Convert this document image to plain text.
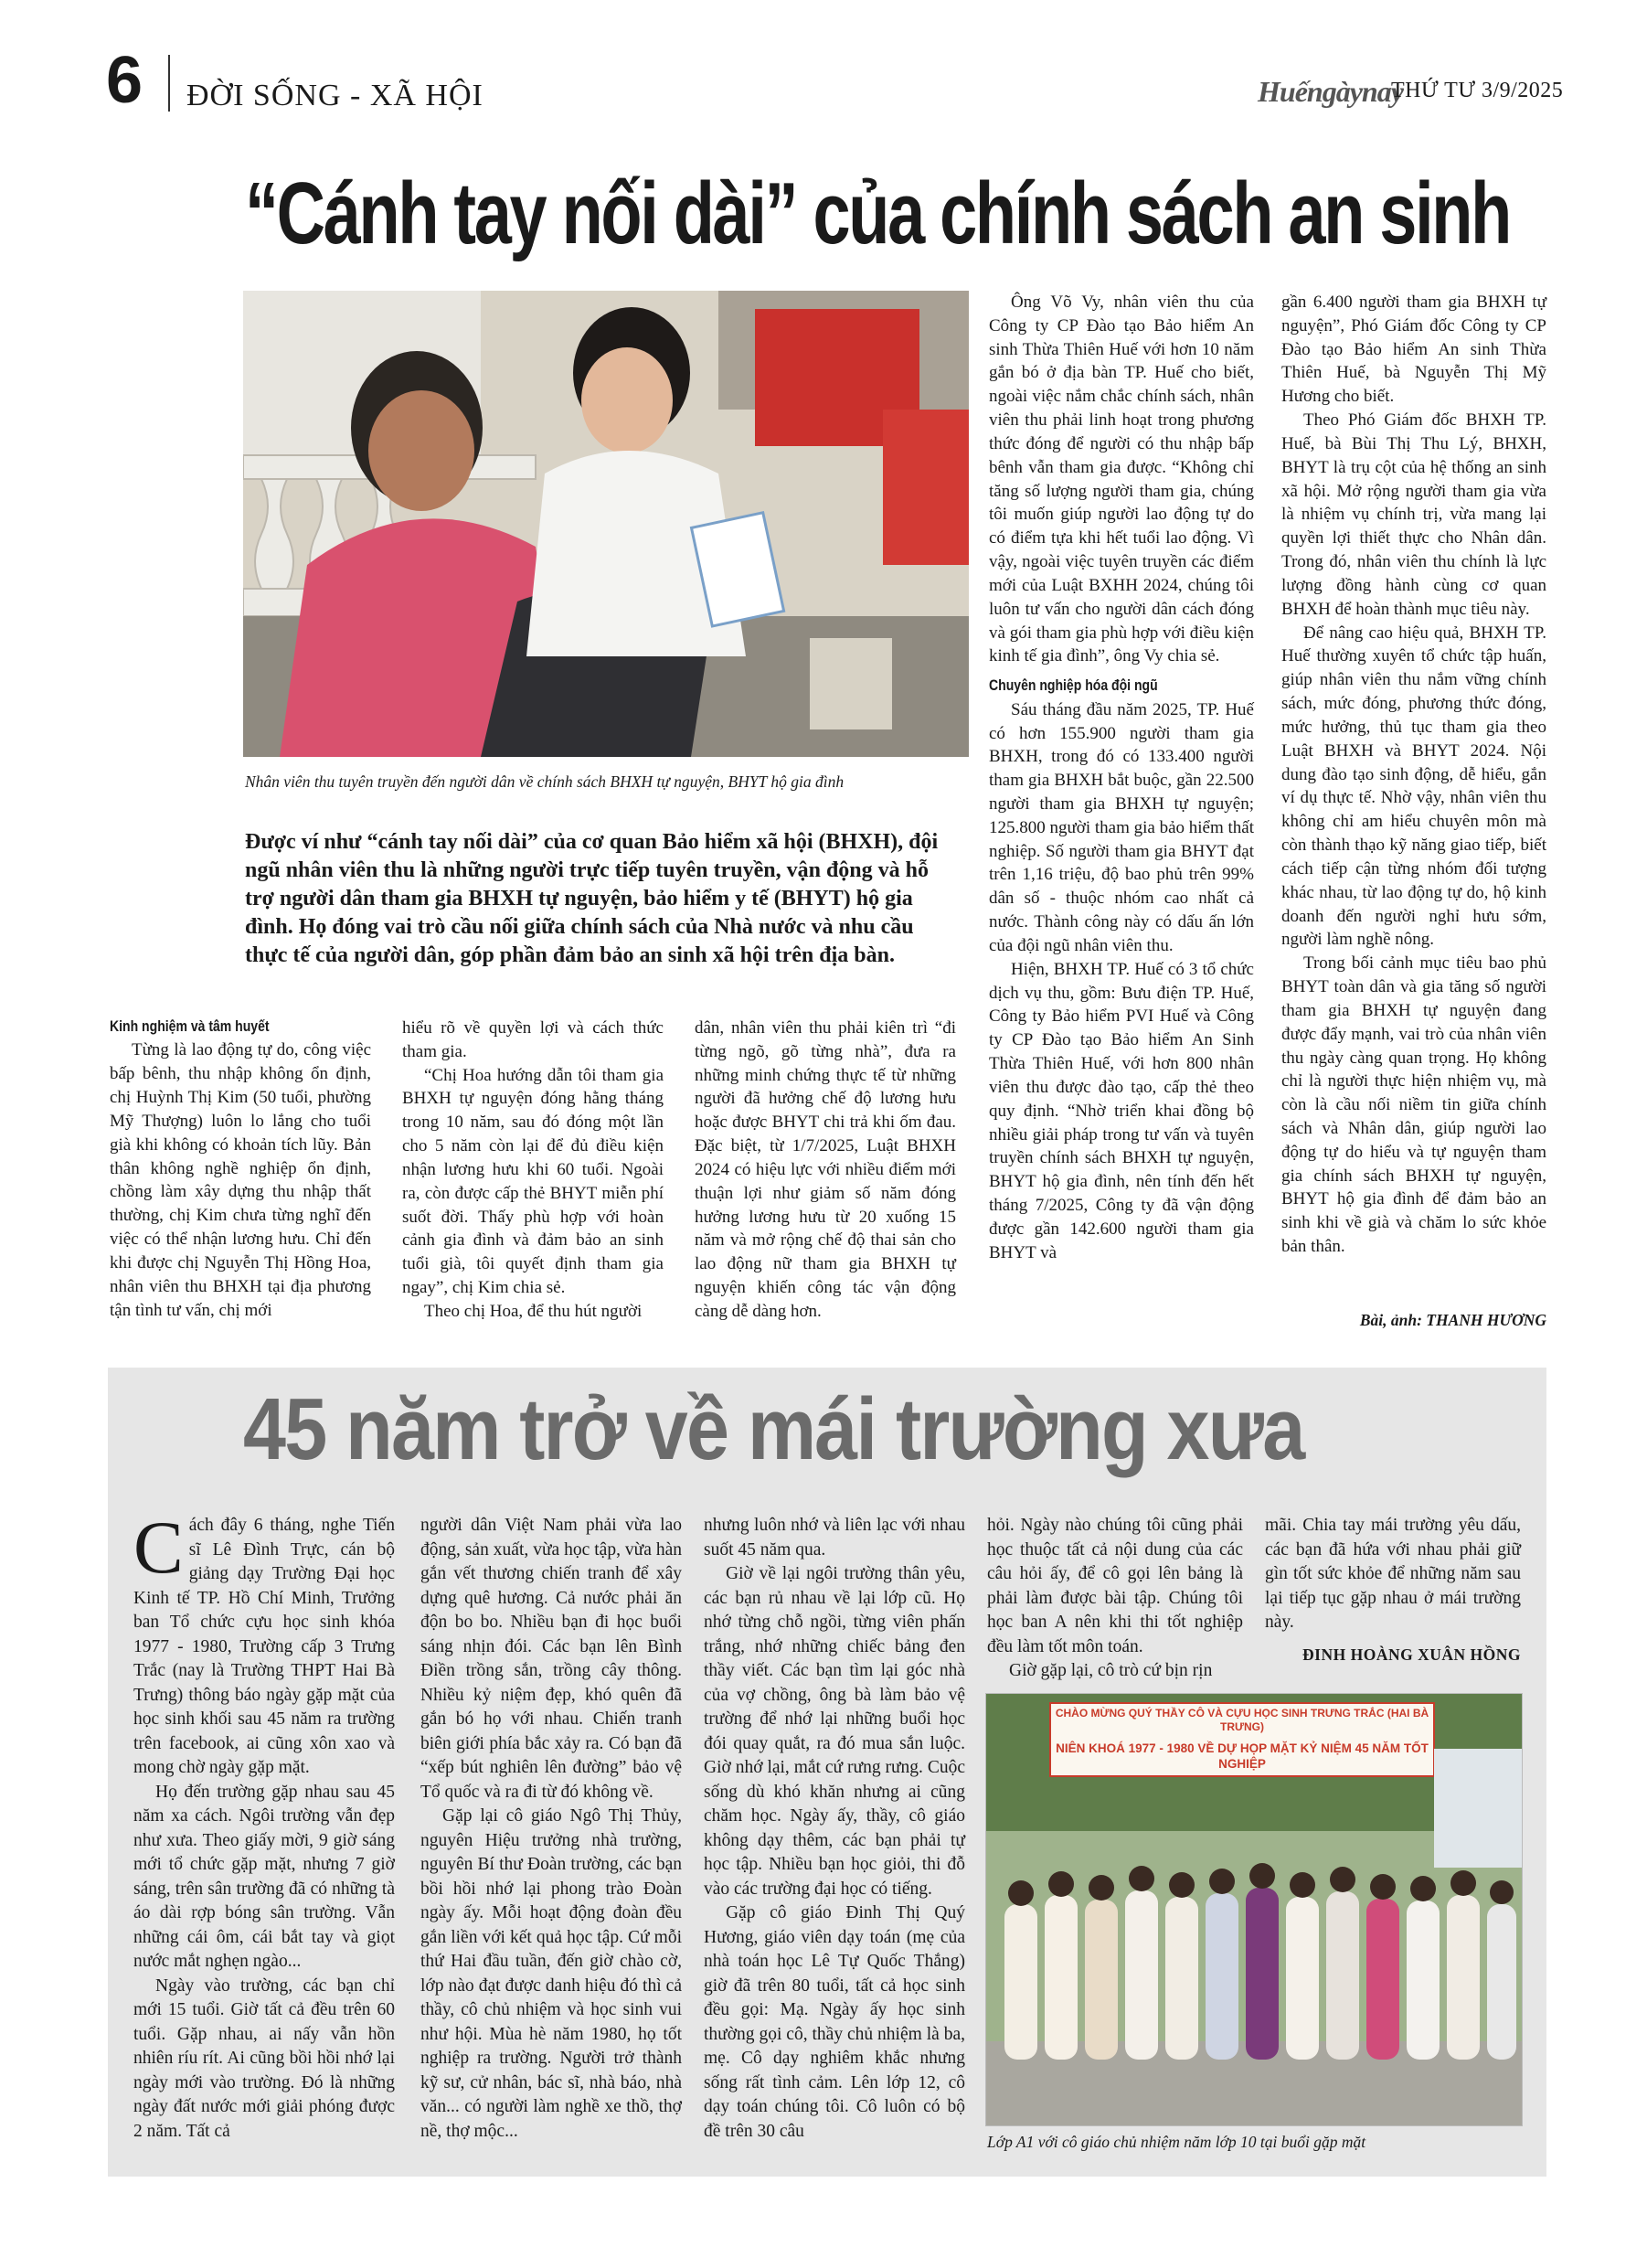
6 ĐỜI SỐNG - XÃ HỘI	Huếngàynay
THỨ TƯ 3/9/2025
“Cánh tay nối dài” của chính sách an sinh
Nhân viên thu tuyên truyền đến người dân về chính sách BHXH tự nguyện, BHYT hộ gia đình
Được ví như “cánh tay nối dài” của cơ quan Bảo hiểm xã hội (BHXH), đội ngũ nhân viên thu là những người trực tiếp tuyên truyền, vận động và hỗ trợ người dân tham gia BHXH tự nguyện, bảo hiểm y tế (BHYT) hộ gia đình. Họ đóng vai trò cầu nối giữa chính sách của Nhà nước và nhu cầu thực tế của người dân, góp phần đảm bảo an sinh xã hội trên địa bàn.
Kinh nghiệm và tâm huyết

Từng là lao động tự do, công việc bấp bênh, thu nhập không ổn định, chị Huỳnh Thị Kim (50 tuổi, phường Mỹ Thượng) luôn lo lắng cho tuổi già khi không có khoản tích lũy. Bản thân không nghề nghiệp ổn định, chồng làm xây dựng thu nhập thất thường, chị Kim chưa từng nghĩ đến việc có thể nhận lương hưu. Chỉ đến khi được chị Nguyễn Thị Hồng Hoa, nhân viên thu BHXH tại địa phương tận tình tư vấn, chị mới

hiểu rõ về quyền lợi và cách thức tham gia.

“Chị Hoa hướng dẫn tôi tham gia BHXH tự nguyện đóng hằng tháng trong 10 năm, sau đó đóng một lần cho 5 năm còn lại để đủ điều kiện nhận lương hưu khi 60 tuổi. Ngoài ra, còn được cấp thẻ BHYT miễn phí suốt đời. Thấy phù hợp với hoàn cảnh gia đình và đảm bảo an sinh tuổi già, tôi quyết định tham gia ngay”, chị Kim chia sẻ.

Theo chị Hoa, để thu hút người

dân, nhân viên thu phải kiên trì “đi từng ngõ, gõ từng nhà”, đưa ra những minh chứng thực tế từ những người đã hưởng chế độ lương hưu hoặc được BHYT chi trả khi ốm đau. Đặc biệt, từ 1/7/2025, Luật BHXH 2024 có hiệu lực với nhiều điểm mới thuận lợi như giảm số năm đóng hưởng lương hưu từ 20 xuống 15 năm và mở rộng chế độ thai sản cho lao động nữ tham gia BHXH tự nguyện khiến công tác vận động càng dễ dàng hơn.

Ông Võ Vy, nhân viên thu của Công ty CP Đào tạo Bảo hiểm An sinh Thừa Thiên Huế với hơn 10 năm gắn bó ở địa bàn TP. Huế cho biết, ngoài việc nắm chắc chính sách, nhân viên thu phải linh hoạt trong phương thức đóng để người có thu nhập bấp bênh vẫn tham gia được. “Không chỉ tăng số lượng người tham gia, chúng tôi muốn giúp người lao động tự do có điểm tựa khi hết tuổi lao động. Vì vậy, ngoài việc tuyên truyền các điểm mới của Luật BXHH 2024, chúng tôi luôn tư vấn cho người dân cách đóng và gói tham gia phù hợp với điều kiện kinh tế gia đình”, ông Vy chia sẻ.

Chuyên nghiệp hóa đội ngũ

Sáu tháng đầu năm 2025, TP. Huế có hơn 155.900 người tham gia BHXH, trong đó có 133.400 người tham gia BHXH bắt buộc, gần 22.500 người tham gia BHXH tự nguyện; 125.800 người tham gia bảo hiểm thất nghiệp. Số người tham gia BHYT đạt trên 1,16 triệu, độ bao phủ trên 99% dân số - thuộc nhóm cao nhất cả nước. Thành công này có dấu ấn lớn của đội ngũ nhân viên thu.

Hiện, BHXH TP. Huế có 3 tổ chức dịch vụ thu, gồm: Bưu điện TP. Huế, Công ty Bảo hiểm PVI Huế và Công ty CP Đào tạo Bảo hiểm An Sinh Thừa Thiên Huế, với hơn 800 nhân viên thu được đào tạo, cấp thẻ theo quy định. “Nhờ triển khai đồng bộ nhiều giải pháp trong tư vấn và tuyên truyền chính sách BHXH tự nguyện, BHYT hộ gia đình, nên tính đến hết tháng 7/2025, Công ty đã vận động được gần 142.600 người tham gia BHYT và

gần 6.400 người tham gia BHXH tự nguyện”, Phó Giám đốc Công ty CP Đào tạo Bảo hiểm An sinh Thừa Thiên Huế, bà Nguyễn Thị Mỹ Hương cho biết.

Theo Phó Giám đốc BHXH TP. Huế, bà Bùi Thị Thu Lý, BHXH, BHYT là trụ cột của hệ thống an sinh xã hội. Mở rộng người tham gia vừa là nhiệm vụ chính trị, vừa mang lại quyền lợi thiết thực cho Nhân dân. Trong đó, nhân viên thu chính là lực lượng đồng hành cùng cơ quan BHXH để hoàn thành mục tiêu này.

Để nâng cao hiệu quả, BHXH TP. Huế thường xuyên tổ chức tập huấn, giúp nhân viên thu nắm vững chính sách, mức đóng, phương thức đóng, mức hưởng, thủ tục tham gia theo Luật BHXH và BHYT 2024. Nội dung đào tạo sinh động, dễ hiểu, gắn ví dụ thực tế. Nhờ vậy, nhân viên thu không chỉ am hiểu chuyên môn mà còn thành thạo kỹ năng giao tiếp, biết cách tiếp cận từng nhóm đối tượng khác nhau, từ lao động tự do, hộ kinh doanh đến người nghỉ hưu sớm, người làm nghề nông.

Trong bối cảnh mục tiêu bao phủ BHYT toàn dân và gia tăng số người tham gia BHXH tự nguyện đang được đẩy mạnh, vai trò của nhân viên thu ngày càng quan trọng. Họ không chỉ là người thực hiện nhiệm vụ, mà còn là cầu nối niềm tin giữa chính sách và Nhân dân, giúp người lao động tự do hiểu và tự nguyện tham gia chính sách BHXH tự nguyện, BHYT hộ gia đình để đảm bảo an sinh khi về già và chăm lo sức khỏe bản thân.

Bài, ảnh: THANH HƯƠNG
45 năm trở về mái trường xưa

Cách đây 6 tháng, nghe Tiến sĩ Lê Đình Trực, cán bộ giảng dạy Trường Đại học Kinh tế TP. Hồ Chí Minh, Trưởng ban Tổ chức cựu học sinh khóa 1977 - 1980, Trường cấp 3 Trưng Trắc (nay là Trường THPT Hai Bà Trưng) thông báo ngày gặp mặt của học sinh khối sau 45 năm ra trường trên facebook, ai cũng xôn xao và mong chờ ngày gặp mặt.

Họ đến trường gặp nhau sau 45 năm xa cách. Ngôi trường vẫn đẹp như xưa. Theo giấy mời, 9 giờ sáng mới tổ chức gặp mặt, nhưng 7 giờ sáng, trên sân trường đã có những tà áo dài rợp bóng sân trường. Vẫn những cái ôm, cái bắt tay và giọt nước mắt nghẹn ngào...

Ngày vào trường, các bạn chỉ mới 15 tuổi. Giờ tất cả đều trên 60 tuổi. Gặp nhau, ai nấy vẫn hồn nhiên ríu rít. Ai cũng bồi hồi nhớ lại ngày mới vào trường. Đó là những ngày đất nước mới giải phóng được 2 năm. Tất cả

người dân Việt Nam phải vừa lao động, sản xuất, vừa học tập, vừa hàn gắn vết thương chiến tranh để xây dựng quê hương. Cả nước phải ăn độn bo bo. Nhiều bạn đi học buổi sáng nhịn đói. Các bạn lên Bình Điền trồng sắn, trồng cây thông. Nhiều kỷ niệm đẹp, khó quên đã gắn bó họ với nhau. Chiến tranh biên giới phía bắc xảy ra. Có bạn đã “xếp bút nghiên lên đường” bảo vệ Tổ quốc và ra đi từ đó không về.

Gặp lại cô giáo Ngô Thị Thủy, nguyên Hiệu trưởng nhà trường, nguyên Bí thư Đoàn trường, các bạn bồi hồi nhớ lại phong trào Đoàn ngày ấy. Mỗi hoạt động đoàn đều gắn liền với kết quả học tập. Cứ mỗi thứ Hai đầu tuần, đến giờ chào cờ, lớp nào đạt được danh hiệu đó thì cả thầy, cô chủ nhiệm và học sinh vui như hội. Mùa hè năm 1980, họ tốt nghiệp ra trường. Người trở thành kỹ sư, cử nhân, bác sĩ, nhà báo, nhà văn... có người làm nghề xe thồ, thợ nề, thợ mộc...

nhưng luôn nhớ và liên lạc với nhau suốt 45 năm qua.

Giờ về lại ngôi trường thân yêu, các bạn rủ nhau về lại lớp cũ. Họ nhớ từng chỗ ngồi, từng viên phấn trắng, nhớ những chiếc bảng đen thầy viết. Các bạn tìm lại góc nhà của vợ chồng, ông bà làm bảo vệ trường để nhớ lại những buổi học đói quay quắt, ra đó mua sắn luộc. Giờ nhớ lại, mắt cứ rưng rưng. Cuộc sống dù khó khăn nhưng ai cũng chăm học. Ngày ấy, thầy, cô giáo không dạy thêm, các bạn phải tự học tập. Nhiều bạn học giỏi, thi đỗ vào các trường đại học có tiếng.

Gặp cô giáo Đinh Thị Quý Hương, giáo viên dạy toán (mẹ của nhà toán học Lê Tự Quốc Thắng) giờ đã trên 80 tuổi, tất cả học sinh đều gọi: Mạ. Ngày ấy học sinh thường gọi cô, thầy chủ nhiệm là ba, mẹ. Cô dạy nghiêm khắc nhưng sống rất tình cảm. Lên lớp 12, cô dạy toán chúng tôi. Cô luôn có bộ đề trên 30 câu

hỏi. Ngày nào chúng tôi cũng phải học thuộc tất cả nội dung của các câu hỏi ấy, để cô gọi lên bảng là phải làm được bài tập. Chúng tôi học ban A nên khi thi tốt nghiệp đều làm tốt môn toán.

Giờ gặp lại, cô trò cứ bịn rịn

mãi. Chia tay mái trường yêu dấu, các bạn đã hứa với nhau phải giữ gìn tốt sức khỏe để những năm sau lại tiếp tục gặp nhau ở mái trường này.

ĐINH HOÀNG XUÂN HỒNG
CHÀO MỪNG QUÝ THẦY CÔ VÀ CỰU HỌC SINH TRƯNG TRẮC (HAI BÀ TRƯNG)
NIÊN KHOÁ 1977 - 1980 VỀ DỰ HỌP MẶT KỶ NIỆM 45 NĂM TỐT NGHIỆP
Lớp A1 với cô giáo chủ nhiệm năm lớp 10 tại buổi gặp mặt
